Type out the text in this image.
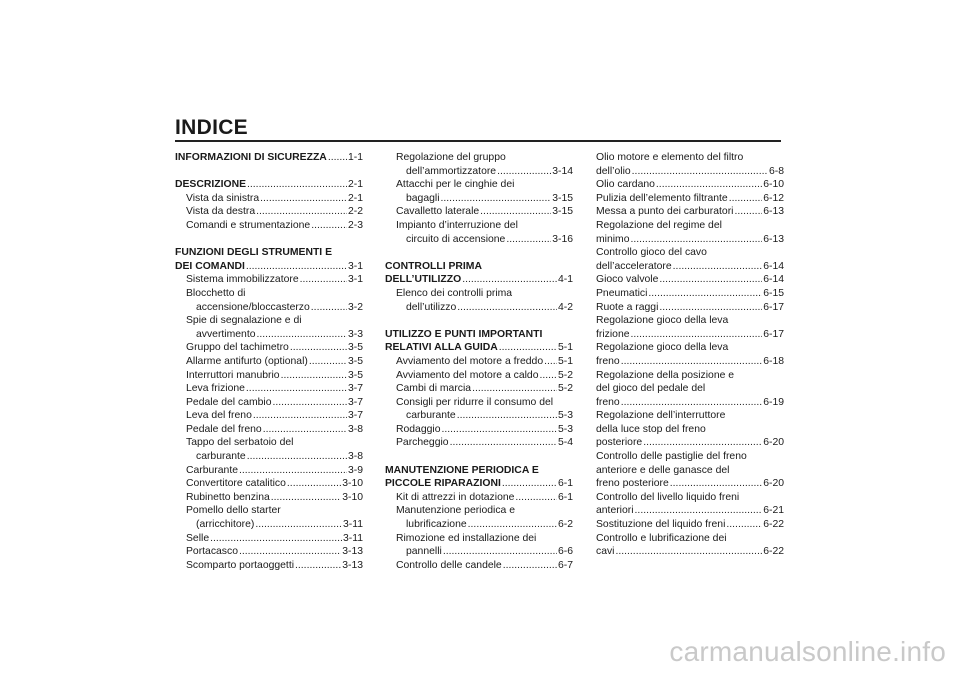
INDICE
INFORMAZIONI DI SICUREZZA ..... 1-1
DESCRIZIONE .....	2-1
Vista da sinistra .....	2-1
Vista da destra .....	2-2
Comandi e strumentazione .....	2-3
FUNZIONI DEGLI STRUMENTI E
DEI COMANDI .....	3-1
Sistema immobilizzatore .....	3-1
Blocchetto di
accensione/bloccasterzo .....	3-2
Spie di segnalazione e di
avvertimento .....	3-3
Gruppo del tachimetro .....	3-5
Allarme antifurto (optional) .....	3-5
Interruttori manubrio .....	3-5
Leva frizione .....	3-7
Pedale del cambio .....	3-7
Leva del freno .....	3-7
Pedale del freno .....	3-8
Tappo del serbatoio del
carburante .....	3-8
Carburante .....	3-9
Convertitore catalitico .....	3-10
Rubinetto benzina .....	3-10
Pomello dello starter
(arricchitore) .....	3-11
Selle .....	3-11
Portacasco .....	3-13
Scomparto portaoggetti .....	3-13
Regolazione del gruppo
dell’ammortizzatore .....	3-14
Attacchi per le cinghie dei
bagagli .....	3-15
Cavalletto laterale .....	3-15
Impianto d’interruzione del
circuito di accensione .....	3-16
CONTROLLI PRIMA
DELL’UTILIZZO .....	4-1
Elenco dei controlli prima
dell’utilizzo .....	4-2
UTILIZZO E PUNTI IMPORTANTI
RELATIVI ALLA GUIDA .....	5-1
Avviamento del motore a freddo ..... 5-1
Avviamento del motore a caldo ..... 5-2
Cambi di marcia .....	5-2
Consigli per ridurre il consumo del
carburante .....	5-3
Rodaggio .....	5-3
Parcheggio .....	5-4
MANUTENZIONE PERIODICA E
PICCOLE RIPARAZIONI .....	6-1
Kit di attrezzi in dotazione .....	6-1
Manutenzione periodica e
lubrificazione .....	6-2
Rimozione ed installazione dei
pannelli .....	6-6
Controllo delle candele .....	6-7
Olio motore e elemento del filtro
dell’olio .....	6-8
Olio cardano .....	6-10
Pulizia dell’elemento filtrante .....	6-12
Messa a punto dei carburatori .....	6-13
Regolazione del regime del
minimo .....	6-13
Controllo gioco del cavo
dell’acceleratore .....	6-14
Gioco valvole .....	6-14
Pneumatici .....	6-15
Ruote a raggi .....	6-17
Regolazione gioco della leva
frizione .....	6-17
Regolazione gioco della leva
freno .....	6-18
Regolazione della posizione e
del gioco del pedale del
freno .....	6-19
Regolazione dell’interruttore
della luce stop del freno
posteriore .....	6-20
Controllo delle pastiglie del freno
anteriore e delle ganasce del
freno posteriore .....	6-20
Controllo del livello liquido freni
anteriori .....	6-21
Sostituzione del liquido freni .....	6-22
Controllo e lubrificazione dei
cavi .....	6-22
carmanualsonline.info
